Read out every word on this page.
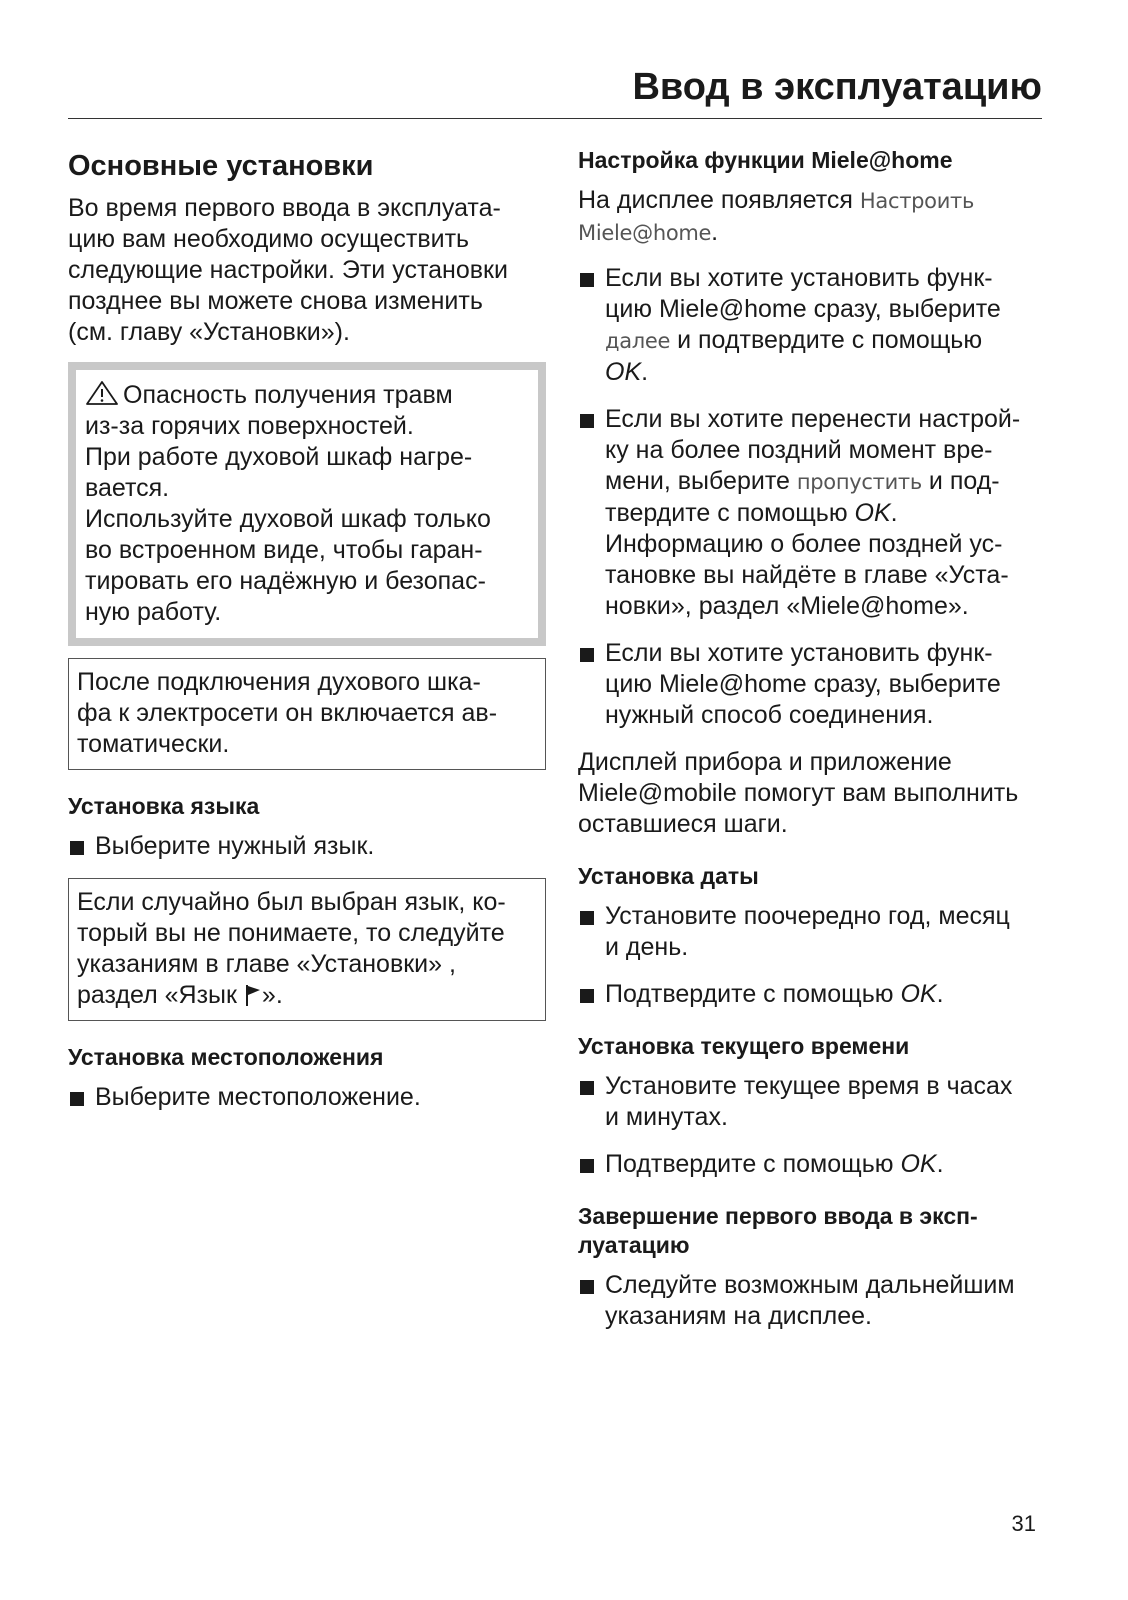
Ввод в эксплуатацию
Основные установки
Во время первого ввода в эксплуата-
цию вам необходимо осуществить
следующие настройки. Эти установки
позднее вы можете снова изменить
(см. главу «Установки»).
Опасность получения травм
из-за горячих поверхностей.
При работе духовой шкаф нагре-
вается.
Используйте духовой шкаф только
во встроенном виде, чтобы гаран-
тировать его надёжную и безопас-
ную работу.
После подключения духового шка-
фа к электросети он включается ав-
томатически.
Установка языка
Выберите нужный язык.
Если случайно был выбран язык, ко-
торый вы не понимаете, то следуйте
указаниям в главе «Установки» ,
раздел «Язык ».
Установка местоположения
Выберите местоположение.
Настройка функции Miele@home
На дисплее появляется Настроить
Miele@home.
Если вы хотите установить функ-
цию Miele@home сразу, выберите
далее и подтвердите с помощью
OK.
Если вы хотите перенести настрой-
ку на более поздний момент вре-
мени, выберите пропустить и под-
твердите с помощью OK.
Информацию о более поздней ус-
тановке вы найдёте в главе «Уста-
новки», раздел «Miele@home».
Если вы хотите установить функ-
цию Miele@home сразу, выберите
нужный способ соединения.
Дисплей прибора и приложение
Miele@mobile помогут вам выполнить
оставшиеся шаги.
Установка даты
Установите поочередно год, месяц
и день.
Подтвердите с помощью OK.
Установка текущего времени
Установите текущее время в часах
и минутах.
Подтвердите с помощью OK.
Завершение первого ввода в эксп-
луатацию
Следуйте возможным дальнейшим
указаниям на дисплее.
31
